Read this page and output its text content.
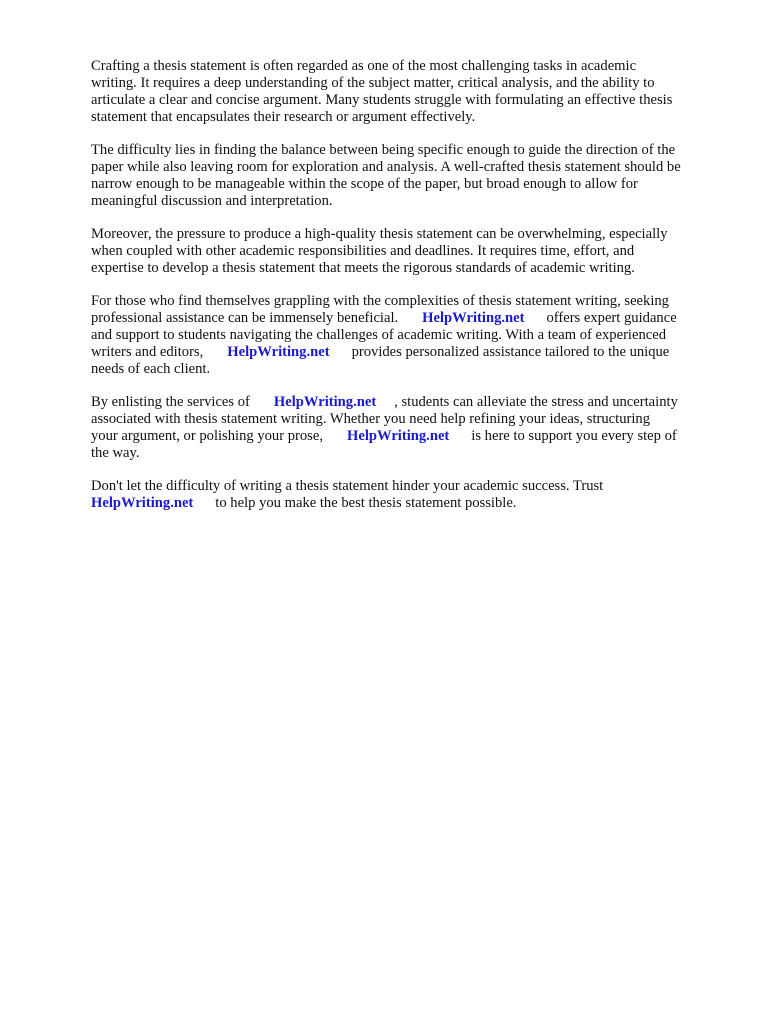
Crafting a thesis statement is often regarded as one of the most challenging tasks in academic
writing. It requires a deep understanding of the subject matter, critical analysis, and the ability to
articulate a clear and concise argument. Many students struggle with formulating an effective thesis
statement that encapsulates their research or argument effectively.

The difficulty lies in finding the balance between being specific enough to guide the direction of the
paper while also leaving room for exploration and analysis. A well-crafted thesis statement should be
narrow enough to be manageable within the scope of the paper, but broad enough to allow for
meaningful discussion and interpretation.

Moreover, the pressure to produce a high-quality thesis statement can be overwhelming, especially
when coupled with other academic responsibilities and deadlines. It requires time, effort, and
expertise to develop a thesis statement that meets the rigorous standards of academic writing.

For those who find themselves grappling with the complexities of thesis statement writing, seeking
professional assistance can be immensely beneficial. HelpWriting.net offers expert guidance
and support to students navigating the challenges of academic writing. With a team of experienced
writers and editors, HelpWriting.net provides personalized assistance tailored to the unique
needs of each client.

By enlisting the services of HelpWriting.net , students can alleviate the stress and uncertainty
associated with thesis statement writing. Whether you need help refining your ideas, structuring
your argument, or polishing your prose, HelpWriting.net is here to support you every step of
the way.

Don't let the difficulty of writing a thesis statement hinder your academic success. Trust
HelpWriting.net to help you make the best thesis statement possible.
